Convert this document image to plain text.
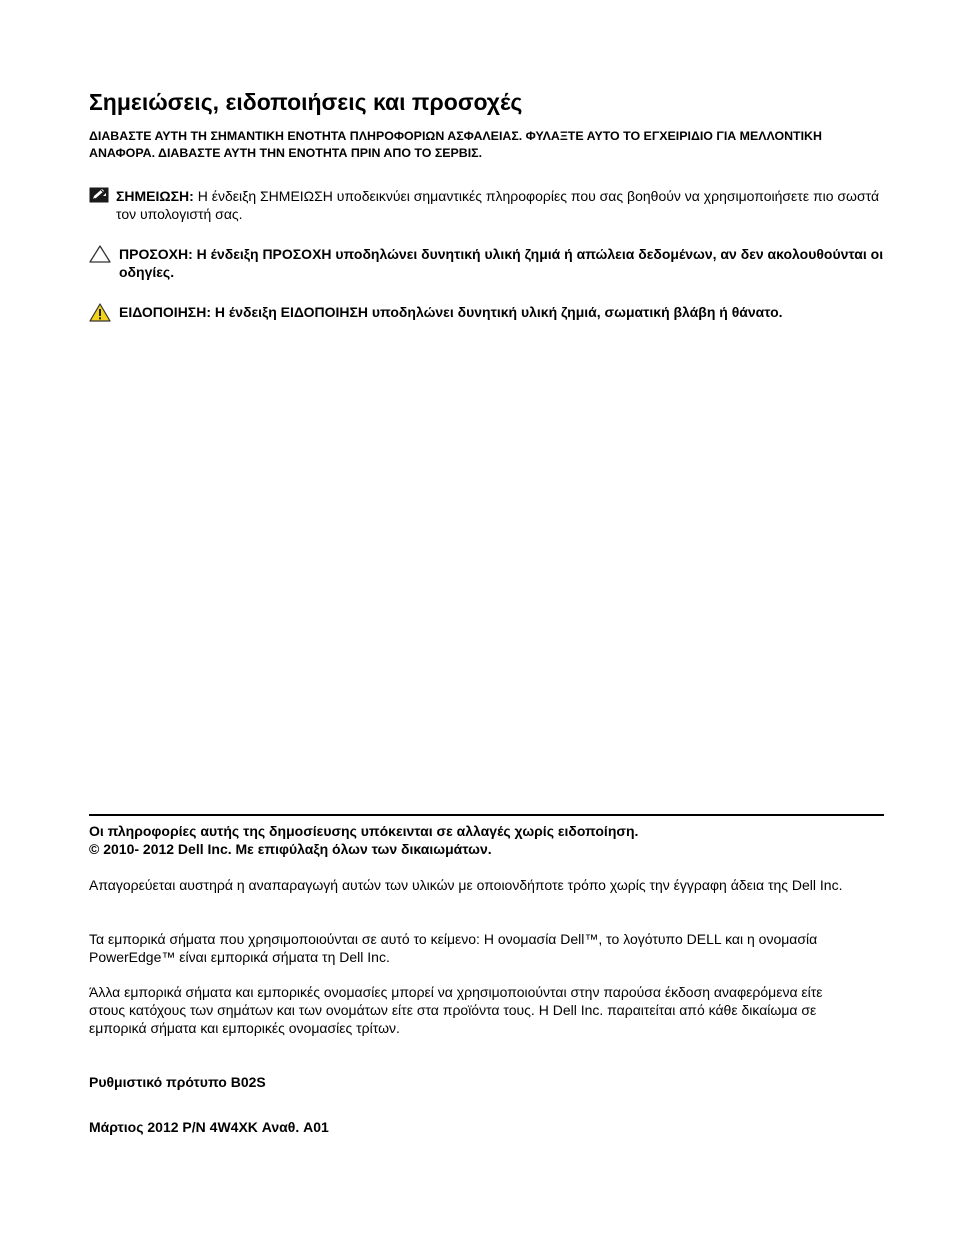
Σημειώσεις, ειδοποιήσεις και προσοχές

ΔΙΑΒΑΣΤΕ ΑΥΤΗ ΤΗ ΣΗΜΑΝΤΙΚΗ ΕΝΟΤΗΤΑ ΠΛΗΡΟΦΟΡΙΩΝ ΑΣΦΑΛΕΙΑΣ. ΦΥΛΑΞΤΕ ΑΥΤΟ ΤΟ ΕΓΧΕΙΡΙΔΙΟ ΓΙΑ ΜΕΛΛΟΝΤΙΚΗ ΑΝΑΦΟΡΑ. ΔΙΑΒΑΣΤΕ ΑΥΤΗ ΤΗΝ ΕΝΟΤΗΤΑ ΠΡΙΝ ΑΠΟ ΤΟ ΣΕΡΒΙΣ.

ΣΗΜΕΙΩΣΗ: Η ένδειξη ΣΗΜΕΙΩΣΗ υποδεικνύει σημαντικές πληροφορίες που σας βοηθούν να χρησιμοποιήσετε πιο σωστά τον υπολογιστή σας.
ΠΡΟΣΟΧΗ: Η ένδειξη ΠΡΟΣΟΧΗ υποδηλώνει δυνητική υλική ζημιά ή απώλεια δεδομένων, αν δεν ακολουθούνται οι οδηγίες.
ΕΙΔΟΠΟΙΗΣΗ: Η ένδειξη ΕΙΔΟΠΟΙΗΣΗ υποδηλώνει δυνητική υλική ζημιά, σωματική βλάβη ή θάνατο.

Οι πληροφορίες αυτής της δημοσίευσης υπόκεινται σε αλλαγές χωρίς ειδοποίηση.

© 2010- 2012 Dell Inc. Με επιφύλαξη όλων των δικαιωμάτων.

Απαγορεύεται αυστηρά η αναπαραγωγή αυτών των υλικών με οποιονδήποτε τρόπο χωρίς την έγγραφη άδεια της Dell Inc.

Τα εμπορικά σήματα που χρησιμοποιούνται σε αυτό το κείμενο: Η ονομασία Dell™, το λογότυπο DELL και η ονομασία PowerEdge™ είναι εμπορικά σήματα τη Dell Inc.

Άλλα εμπορικά σήματα και εμπορικές ονομασίες μπορεί να χρησιμοποιούνται στην παρούσα έκδοση αναφερόμενα είτε στους κατόχους των σημάτων και των ονομάτων είτε στα προϊόντα τους. Η Dell Inc. παραιτείται από κάθε δικαίωμα σε εμπορικά σήματα και εμπορικές ονομασίες τρίτων.

Ρυθμιστικό πρότυπο B02S

Μάρτιος 2012 P/N 4W4XK Αναθ. A01
